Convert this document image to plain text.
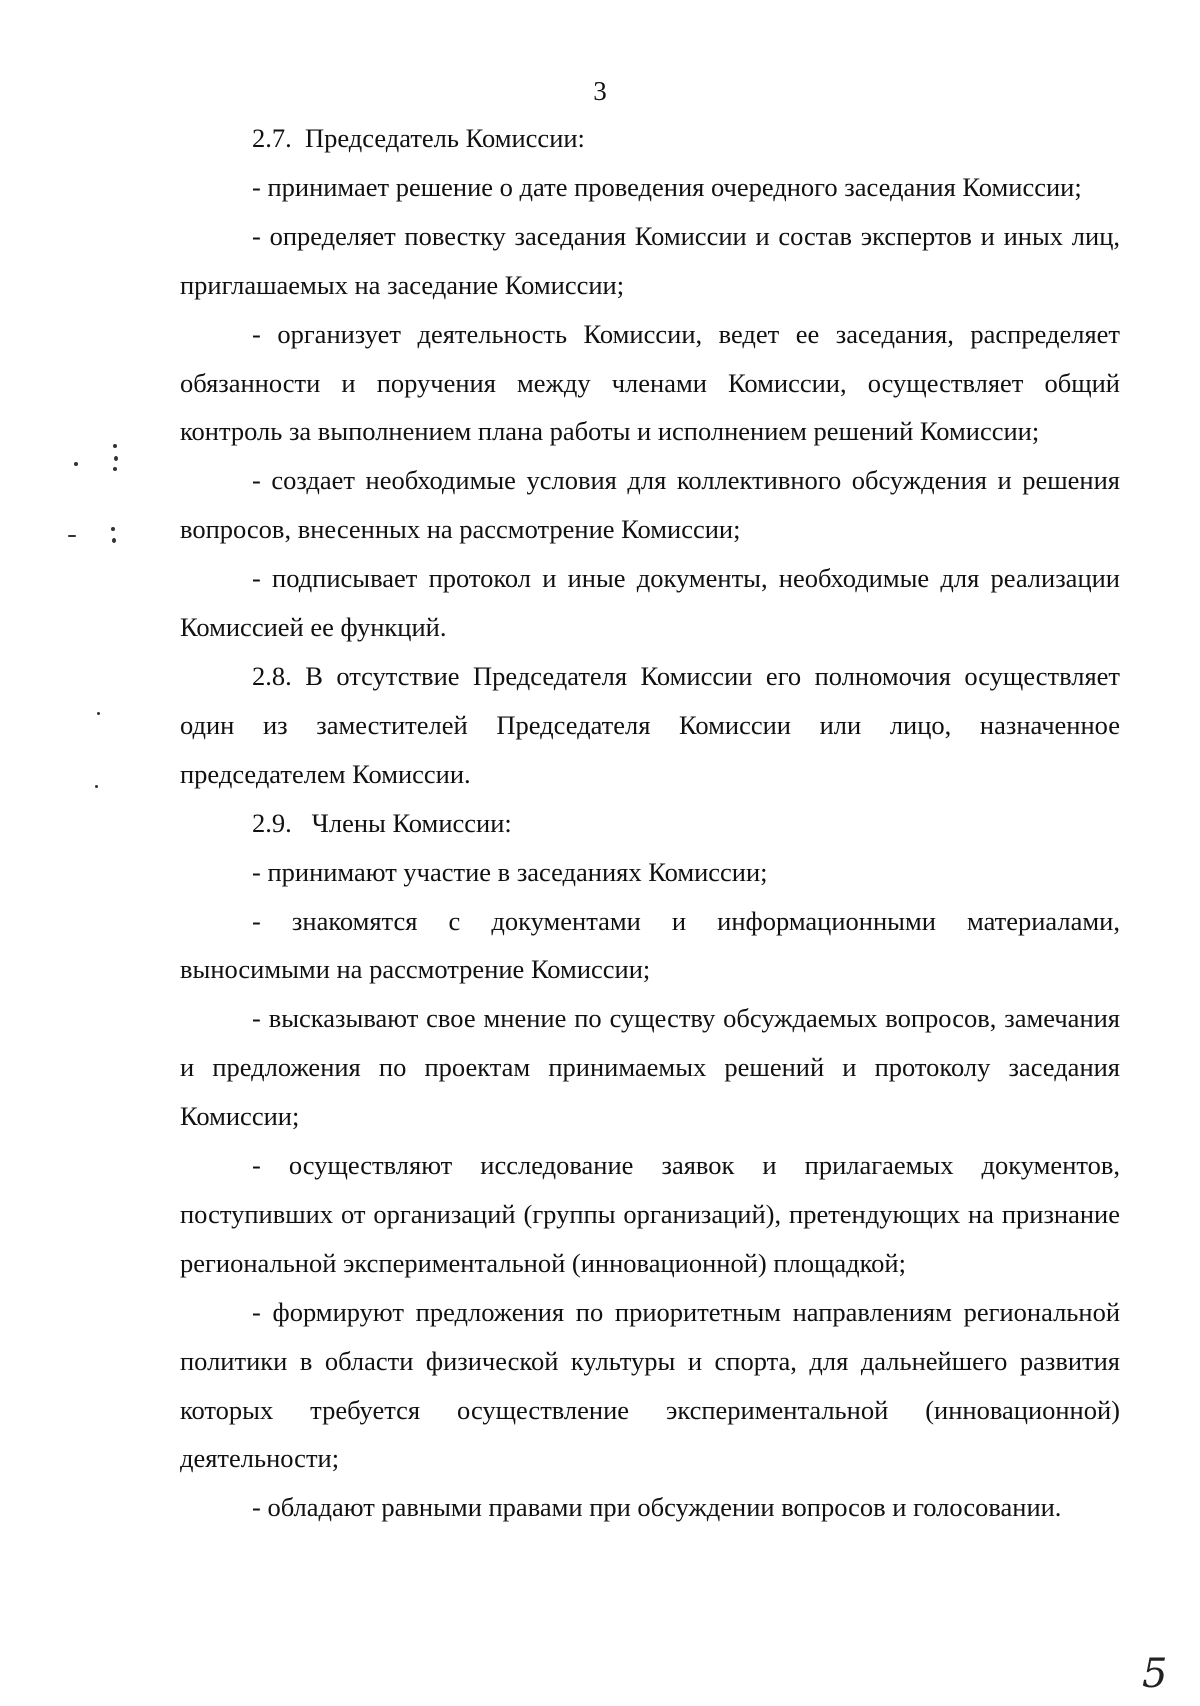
3

2.7.  Председатель Комиссии:

- принимает решение о дате проведения очередного заседания Комиссии;

- определяет повестку заседания Комиссии и состав экспертов и иных лиц, приглашаемых на заседание Комиссии;

- организует деятельность Комиссии, ведет ее заседания, распределяет обязанности и поручения между членами Комиссии, осуществляет общий контроль за выполнением плана работы и исполнением решений Комиссии;

- создает необходимые условия для коллективного обсуждения и решения вопросов, внесенных на рассмотрение Комиссии;

- подписывает протокол и иные документы, необходимые для реализации Комиссией ее функций.

2.8. В отсутствие Председателя Комиссии его полномочия осуществляет один из заместителей Председателя Комиссии или лицо, назначенное председателем Комиссии.

2.9.   Члены Комиссии:

- принимают участие в заседаниях Комиссии;

- знакомятся с документами и информационными материалами, выносимыми на рассмотрение Комиссии;

- высказывают свое мнение по существу обсуждаемых вопросов, замечания и предложения по проектам принимаемых решений и протоколу заседания Комиссии;

- осуществляют исследование заявок и прилагаемых документов, поступивших от организаций (группы организаций), претендующих на признание региональной экспериментальной (инновационной) площадкой;

- формируют предложения по приоритетным направлениям региональной политики в области физической культуры и спорта, для дальнейшего развития которых требуется осуществление экспериментальной (инновационной) деятельности;

- обладают равными правами при обсуждении вопросов и голосовании.

5
